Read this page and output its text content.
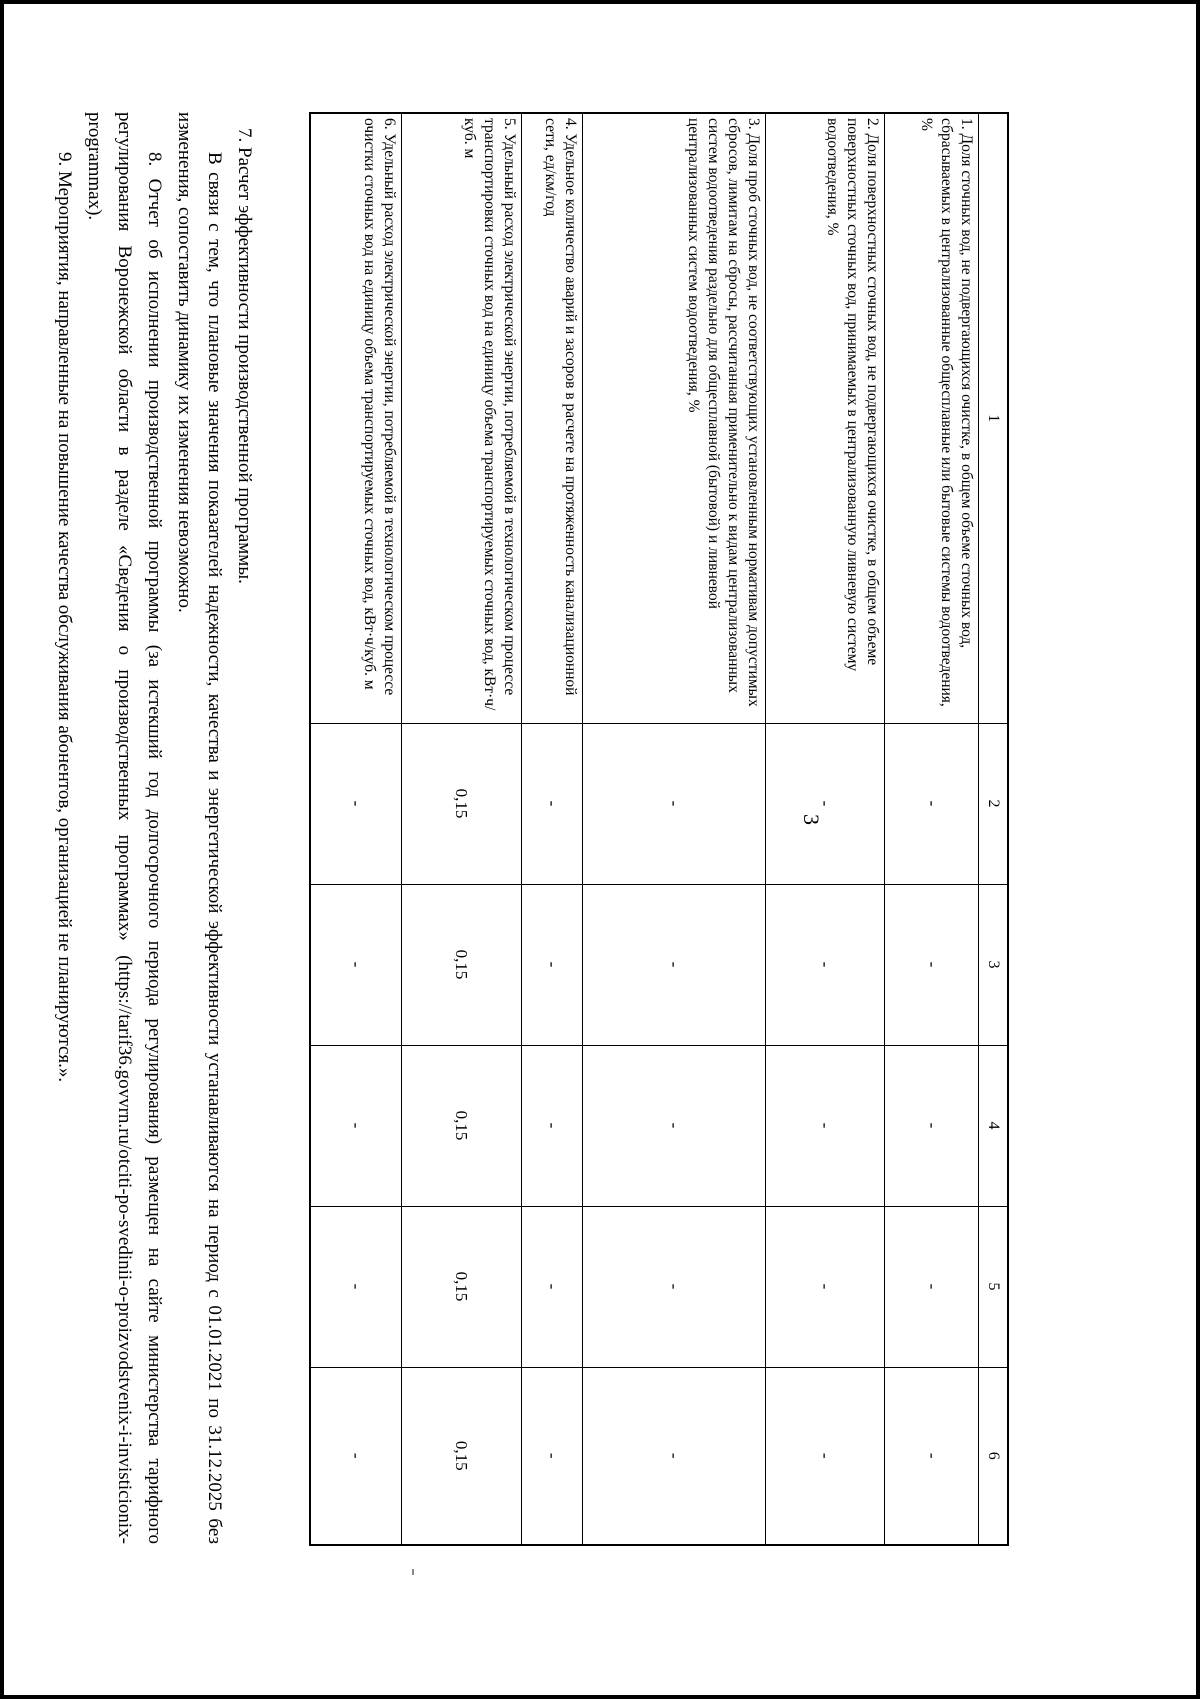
3
1	2	3	4	5	6
1. Доля сточных вод, не подвергающихся очистке, в общем объеме сточных вод, сбрасываемых в централизованные общесплавные или бытовые системы водоотведения, %	-	-	-	-	-
2. Доля поверхностных сточных вод, не подвергающихся очистке, в общем объеме поверхностных сточных вод, принимаемых в централизованную ливневую систему водоотведения, %	-	-	-	-	-
3. Доля проб сточных вод, не соответствующих установленным нормативам допустимых сбросов, лимитам на сбросы, рассчитанная применительно к видам централизованных систем водоотведения раздельно для общесплавной (бытовой) и ливневой централизованных систем водоотведения, %	-	-	-	-	-
4. Удельное количество аварий и засоров в расчете на протяженность канализационной сети, ед/км/год	-	-	-	-	-
5. Удельный расход электрической энергии, потребляемой в технологическом процессе транспортировки сточных вод на единицу объема транспортируемых сточных вод, кВт·ч/куб. м	0,15	0,15	0,15	0,15	0,15
6. Удельный расход электрической энергии, потребляемой в технологическом процессе очистки сточных вод на единицу объема транспортируемых сточных вод, кВт·ч/куб. м	-	-	-	-	-
7. Расчет эффективности производственной программы.
В связи с тем, что плановые значения показателей надежности, качества и энергетической эффективности устанавливаются на период с 01.01.2021 по 31.12.2025 без изменения, сопоставить динамику их изменения невозможно.
8. Отчет об исполнении производственной программы (за истекший год долгосрочного периода регулирования) размещен на сайте министерства тарифного регулирования Воронежской области в разделе «Сведения о производственных программах» (https://tarif36.govvrn.ru/otciti-po-svedinii-o-proizvodstvenix-i-invisticionix-programmax).
9. Мероприятия, направленные на повышение качества обслуживания абонентов, организацией не планируются.».
